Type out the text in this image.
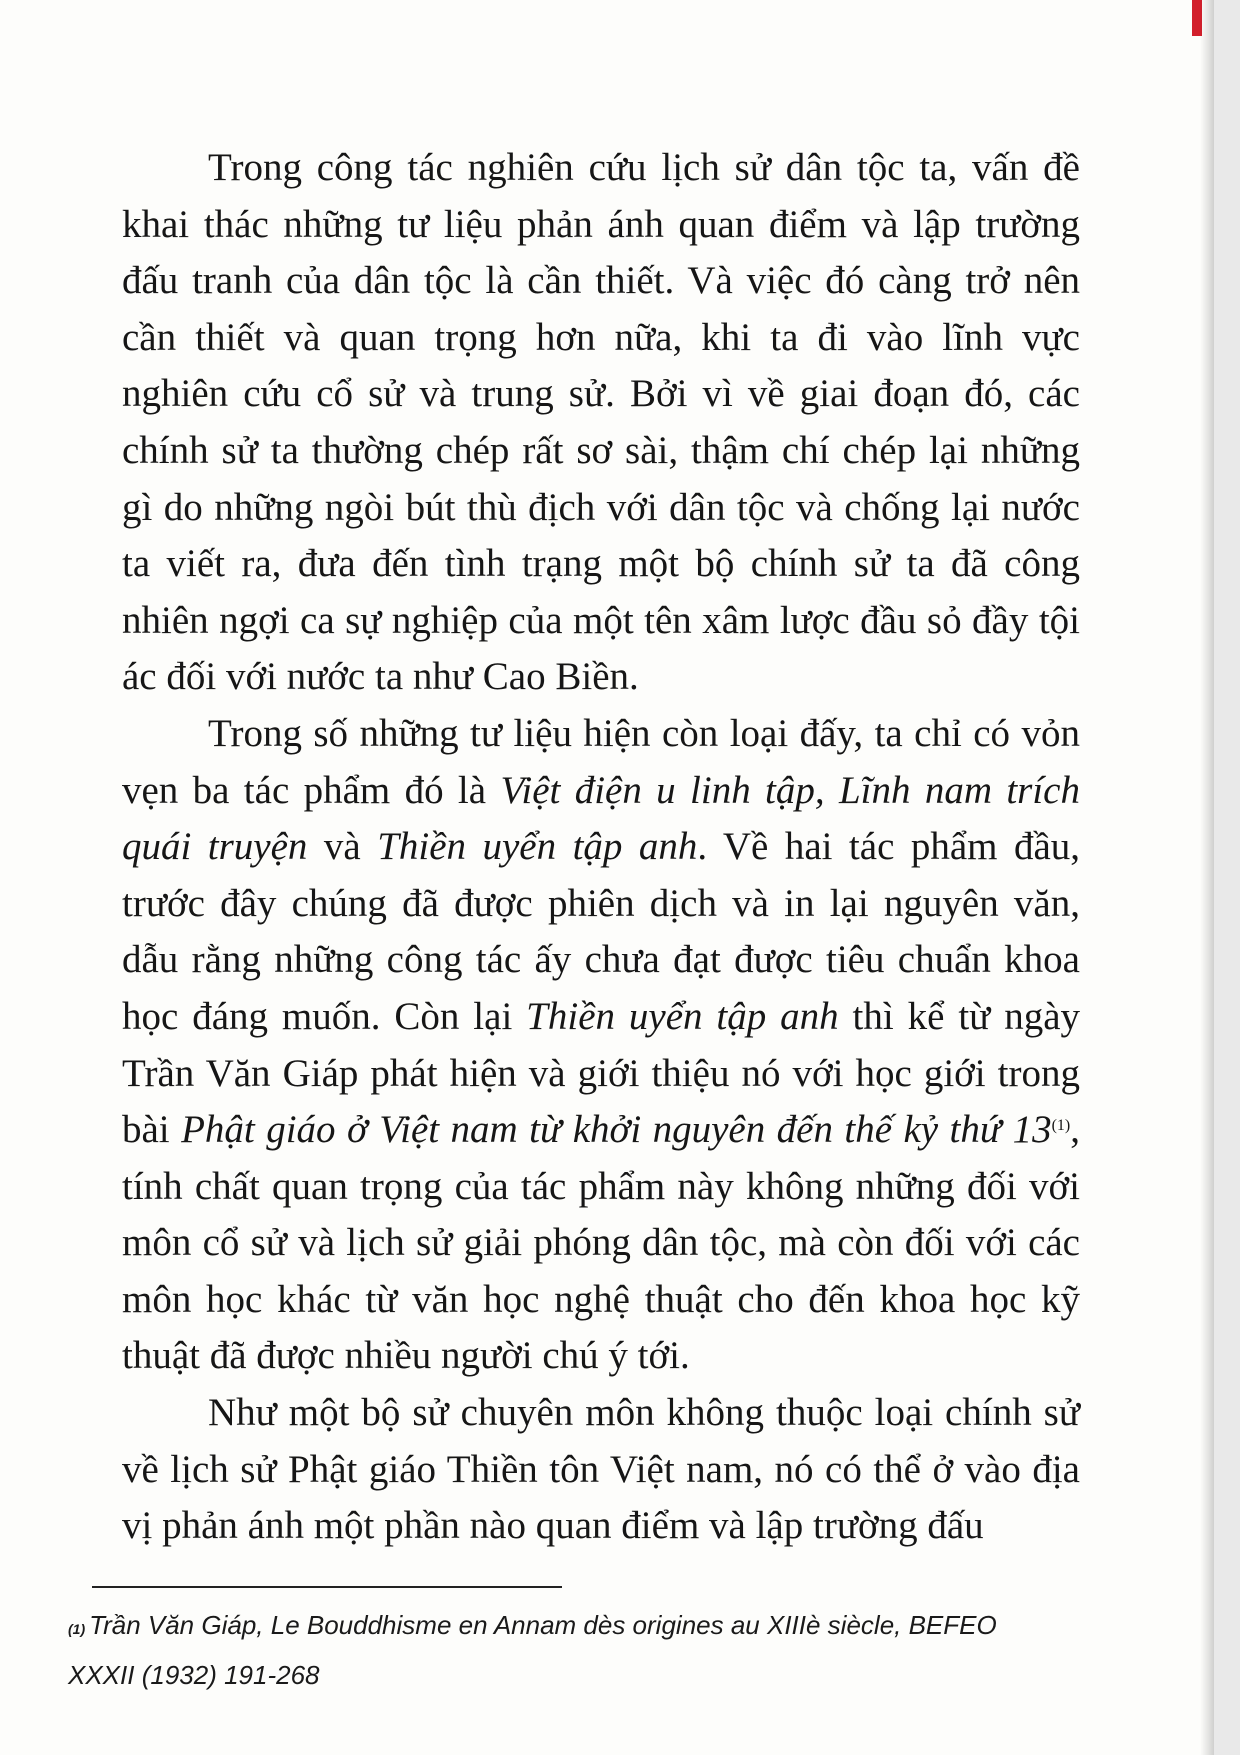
Trong công tác nghiên cứu lịch sử dân tộc ta, vấn đề khai thác những tư liệu phản ánh quan điểm và lập trường đấu tranh của dân tộc là cần thiết. Và việc đó càng trở nên cần thiết và quan trọng hơn nữa, khi ta đi vào lĩnh vực nghiên cứu cổ sử và trung sử. Bởi vì về giai đoạn đó, các chính sử ta thường chép rất sơ sài, thậm chí chép lại những gì do những ngòi bút thù địch với dân tộc và chống lại nước ta viết ra, đưa đến tình trạng một bộ chính sử ta đã công nhiên ngợi ca sự nghiệp của một tên xâm lược đầu sỏ đầy tội ác đối với nước ta như Cao Biền.

Trong số những tư liệu hiện còn loại đấy, ta chỉ có vỏn vẹn ba tác phẩm đó là Việt điện u linh tập, Lĩnh nam trích quái truyện và Thiền uyển tập anh. Về hai tác phẩm đầu, trước đây chúng đã được phiên dịch và in lại nguyên văn, dẫu rằng những công tác ấy chưa đạt được tiêu chuẩn khoa học đáng muốn. Còn lại Thiền uyển tập anh thì kể từ ngày Trần Văn Giáp phát hiện và giới thiệu nó với học giới trong bài Phật giáo ở Việt nam từ khởi nguyên đến thế kỷ thứ 13$^{(1)}$, tính chất quan trọng của tác phẩm này không những đối với môn cổ sử và lịch sử giải phóng dân tộc, mà còn đối với các môn học khác từ văn học nghệ thuật cho đến khoa học kỹ thuật đã được nhiều người chú ý tới.

Như một bộ sử chuyên môn không thuộc loại chính sử về lịch sử Phật giáo Thiền tôn Việt nam, nó có thể ở vào địa vị phản ánh một phần nào quan điểm và lập trường đấu

$^{(1)}$ Trần Văn Giáp, Le Bouddhisme en Annam dès origines au XIIIè siècle, BEFEO XXXII (1932) 191-268
